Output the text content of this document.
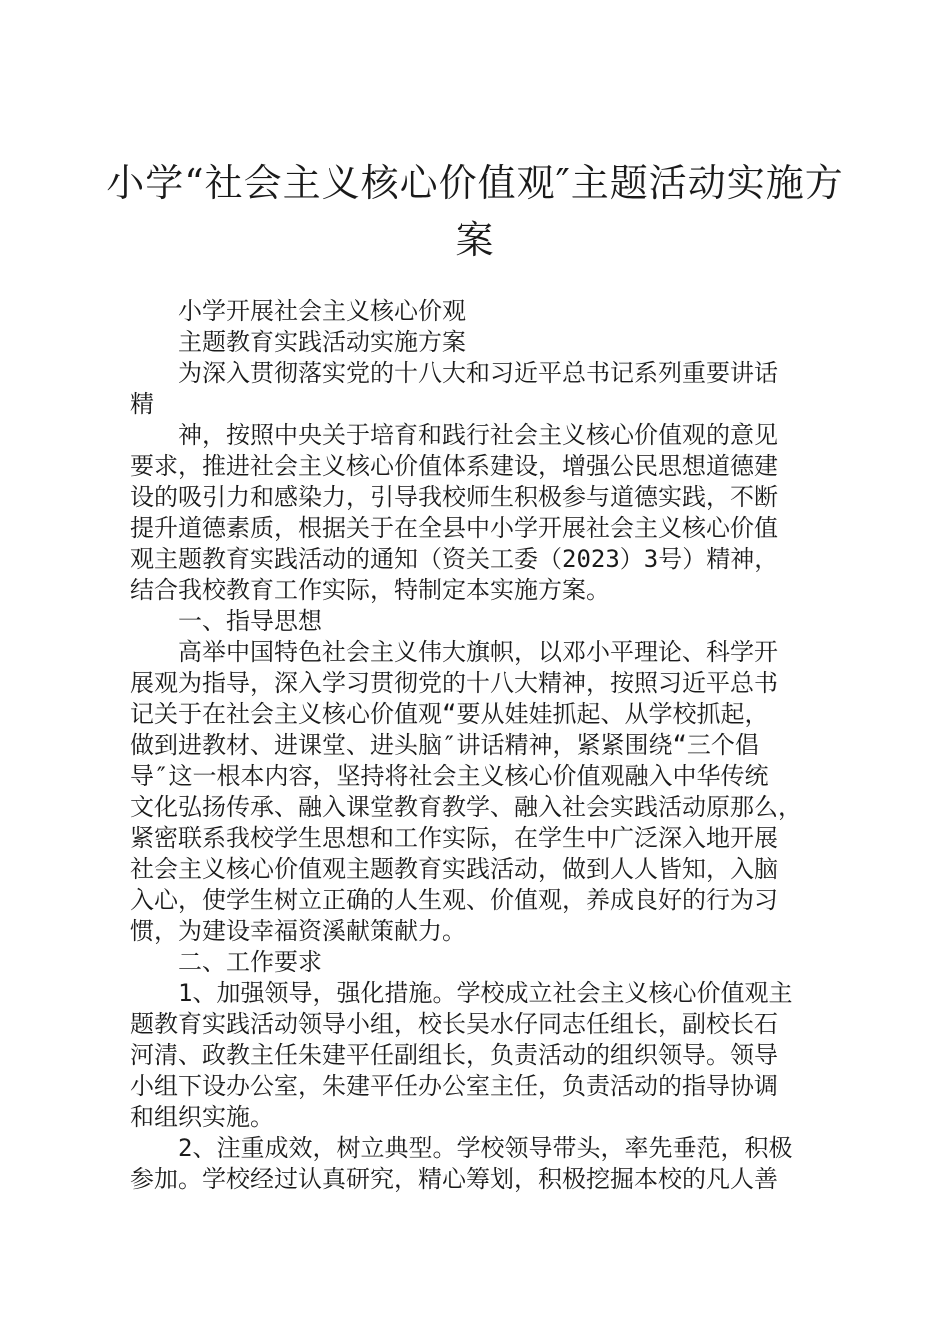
小学“社会主义核心价值观″主题活动实施方
案

小学开展社会主义核心价观

主题教育实践活动实施方案

为深入贯彻落实党的十八大和习近平总书记系列重要讲话

精

神，按照中央关于培育和践行社会主义核心价值观的意见

要求，推进社会主义核心价值体系建设，增强公民思想道德建

设的吸引力和感染力，引导我校师生积极参与道德实践，不断

提升道德素质，根据关于在全县中小学开展社会主义核心价值

观主题教育实践活动的通知（资关工委（2023）3号）精神，

结合我校教育工作实际，特制定本实施方案。

一、指导思想

高举中国特色社会主义伟大旗帜，以邓小平理论、科学开

展观为指导，深入学习贯彻党的十八大精神，按照习近平总书

记关于在社会主义核心价值观“要从娃娃抓起、从学校抓起，

做到进教材、进课堂、进头脑″讲话精神，紧紧围绕“三个倡

导″这一根本内容，坚持将社会主义核心价值观融入中华传统

文化弘扬传承、融入课堂教育教学、融入社会实践活动原那么，

紧密联系我校学生思想和工作实际，在学生中广泛深入地开展

社会主义核心价值观主题教育实践活动，做到人人皆知，入脑

入心，使学生树立正确的人生观、价值观，养成良好的行为习

惯，为建设幸福资溪献策献力。

二、工作要求

1、加强领导，强化措施。学校成立社会主义核心价值观主

题教育实践活动领导小组，校长吴水仔同志任组长，副校长石

河清、政教主任朱建平任副组长，负责活动的组织领导。领导

小组下设办公室，朱建平任办公室主任，负责活动的指导协调

和组织实施。

2、注重成效，树立典型。学校领导带头，率先垂范，积极

参加。学校经过认真研究，精心筹划，积极挖掘本校的凡人善
